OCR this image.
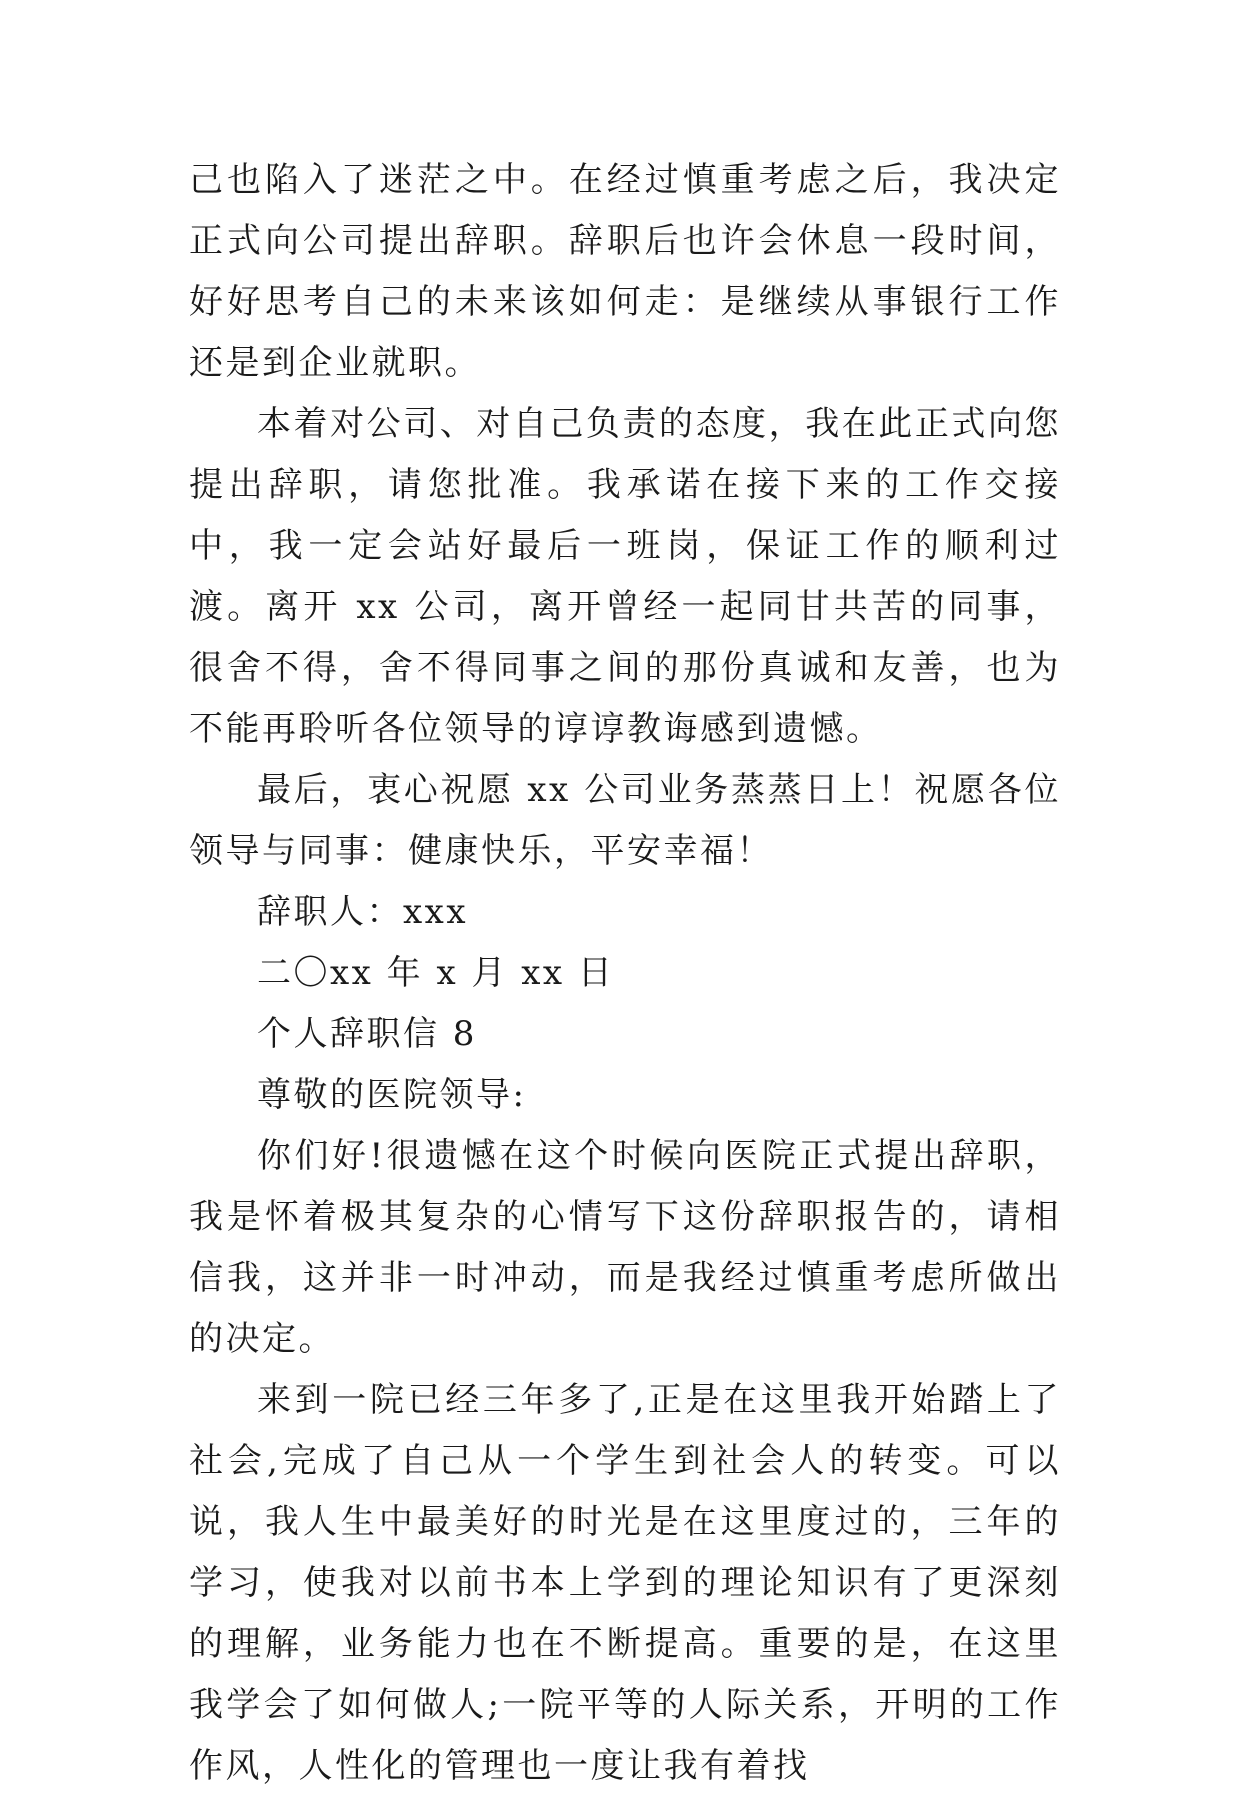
己也陷入了迷茫之中。在经过慎重考虑之后，我决定正式向公司提出辞职。辞职后也许会休息一段时间，好好思考自己的未来该如何走：是继续从事银行工作还是到企业就职。

本着对公司、对自己负责的态度，我在此正式向您提出辞职，请您批准。我承诺在接下来的工作交接中，我一定会站好最后一班岗，保证工作的顺利过渡。离开 xx 公司，离开曾经一起同甘共苦的同事，很舍不得，舍不得同事之间的那份真诚和友善，也为不能再聆听各位领导的谆谆教诲感到遗憾。

最后，衷心祝愿 xx 公司业务蒸蒸日上！祝愿各位领导与同事：健康快乐，平安幸福！

辞职人：xxx

二〇xx 年 x 月 xx 日

个人辞职信 8

尊敬的医院领导:

你们好!很遗憾在这个时候向医院正式提出辞职，我是怀着极其复杂的心情写下这份辞职报告的，请相信我，这并非一时冲动，而是我经过慎重考虑所做出的决定。

来到一院已经三年多了,正是在这里我开始踏上了社会,完成了自己从一个学生到社会人的转变。可以说，我人生中最美好的时光是在这里度过的，三年的学习，使我对以前书本上学到的理论知识有了更深刻的理解，业务能力也在不断提高。重要的是，在这里我学会了如何做人;一院平等的人际关系，开明的工作作风，人性化的管理也一度让我有着找
